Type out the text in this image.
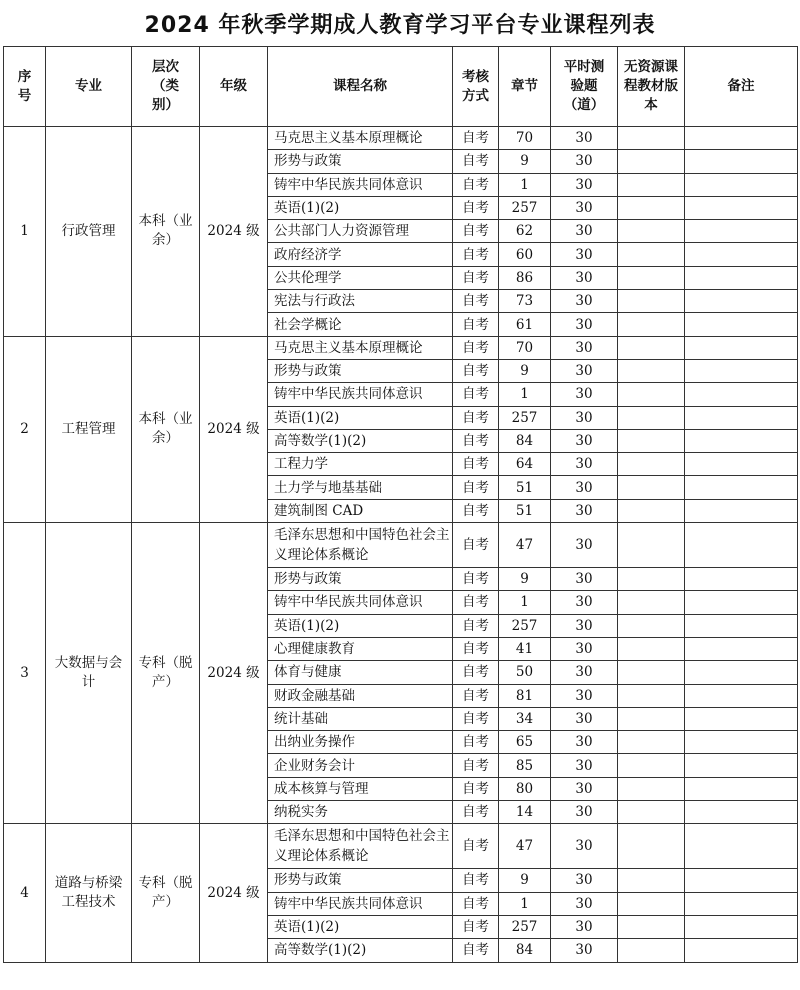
2024 年秋季学期成人教育学习平台专业课程列表
序号	专业	层次（类别）	年级	课程名称	考核方式	章节	平时测验题（道）	无资源课程教材版本	备注
1	行政管理	本科（业余）	2024 级	马克思主义基本原理概论	自考	70	30		
				形势与政策	自考	9	30		
				铸牢中华民族共同体意识	自考	1	30		
				英语(1)(2)	自考	257	30		
				公共部门人力资源管理	自考	62	30		
				政府经济学	自考	60	30		
				公共伦理学	自考	86	30		
				宪法与行政法	自考	73	30		
				社会学概论	自考	61	30		
2	工程管理	本科（业余）	2024 级	马克思主义基本原理概论	自考	70	30		
				形势与政策	自考	9	30		
				铸牢中华民族共同体意识	自考	1	30		
				英语(1)(2)	自考	257	30		
				高等数学(1)(2)	自考	84	30		
				工程力学	自考	64	30		
				土力学与地基基础	自考	51	30		
				建筑制图 CAD	自考	51	30		
3	大数据与会计	专科（脱产）	2024 级	毛泽东思想和中国特色社会主义理论体系概论	自考	47	30		
				形势与政策	自考	9	30		
				铸牢中华民族共同体意识	自考	1	30		
				英语(1)(2)	自考	257	30		
				心理健康教育	自考	41	30		
				体育与健康	自考	50	30		
				财政金融基础	自考	81	30		
				统计基础	自考	34	30		
				出纳业务操作	自考	65	30		
				企业财务会计	自考	85	30		
				成本核算与管理	自考	80	30		
				纳税实务	自考	14	30		
4	道路与桥梁工程技术	专科（脱产）	2024 级	毛泽东思想和中国特色社会主义理论体系概论	自考	47	30		
				形势与政策	自考	9	30		
				铸牢中华民族共同体意识	自考	1	30		
				英语(1)(2)	自考	257	30		
				高等数学(1)(2)	自考	84	30		
